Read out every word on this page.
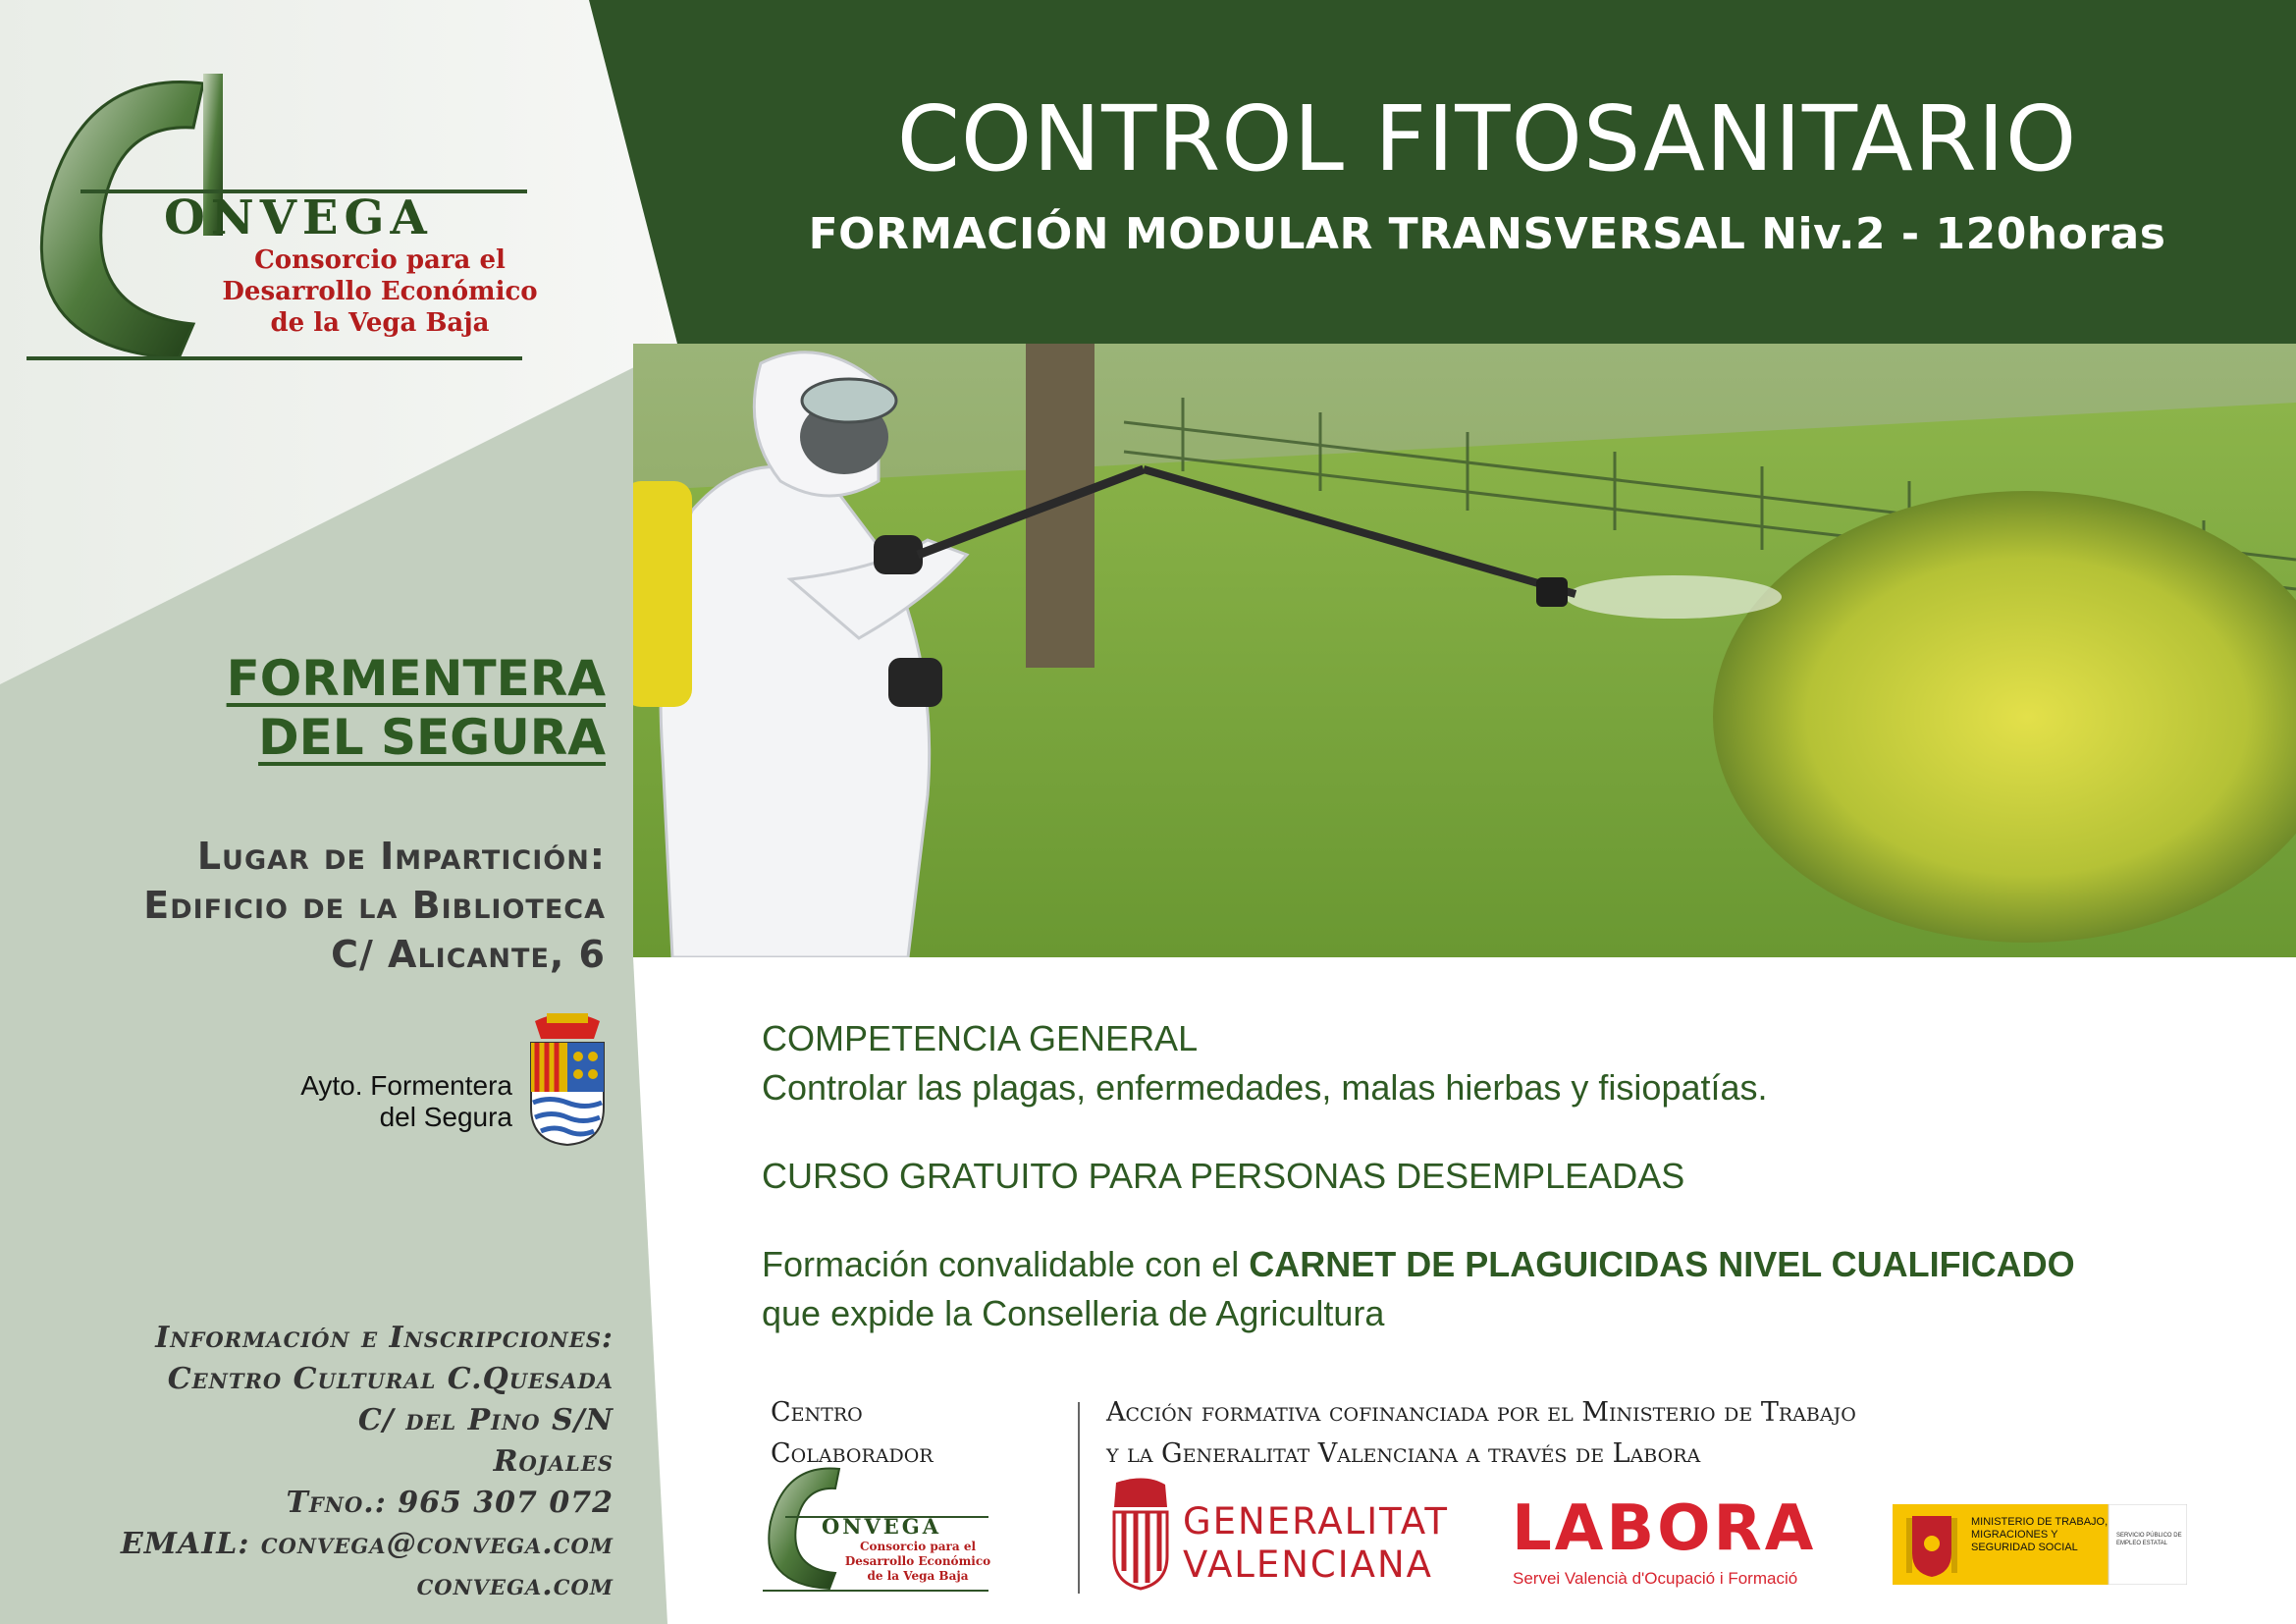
CONTROL FITOSANITARIO
FORMACIÓN MODULAR TRANSVERSAL Niv.2 - 120horas
ONVEGA
Consorcio para el
Desarrollo Económico
de la Vega Baja
FORMENTERA
DEL SEGURA
Lugar de Impartición:
Edificio de la Biblioteca
C/ Alicante, 6
Ayto. Formentera
del Segura
Información e Inscripciones:
Centro Cultural C.Quesada
C/ del Pino S/N
Rojales
Tfno.: 965 307 072
EMAIL: convega@convega.com
convega.com
COMPETENCIA GENERAL
Controlar las plagas, enfermedades, malas hierbas y fisiopatías.
CURSO GRATUITO PARA PERSONAS DESEMPLEADAS
Formación convalidable con el CARNET DE PLAGUICIDAS NIVEL CUALIFICADO
que expide la Conselleria de Agricultura
Centro
Colaborador
ONVEGA
Consorcio para el
Desarrollo Económico
de la Vega Baja
Acción formativa cofinanciada por el Ministerio de Trabajo
y la Generalitat Valenciana a través de Labora
GENERALITAT
VALENCIANA LABORA
Servei Valencià d'Ocupació i Formació
MINISTERIO DE TRABAJO, MIGRACIONES Y SEGURIDAD SOCIAL
SERVICIO PÚBLICO DE EMPLEO ESTATAL
